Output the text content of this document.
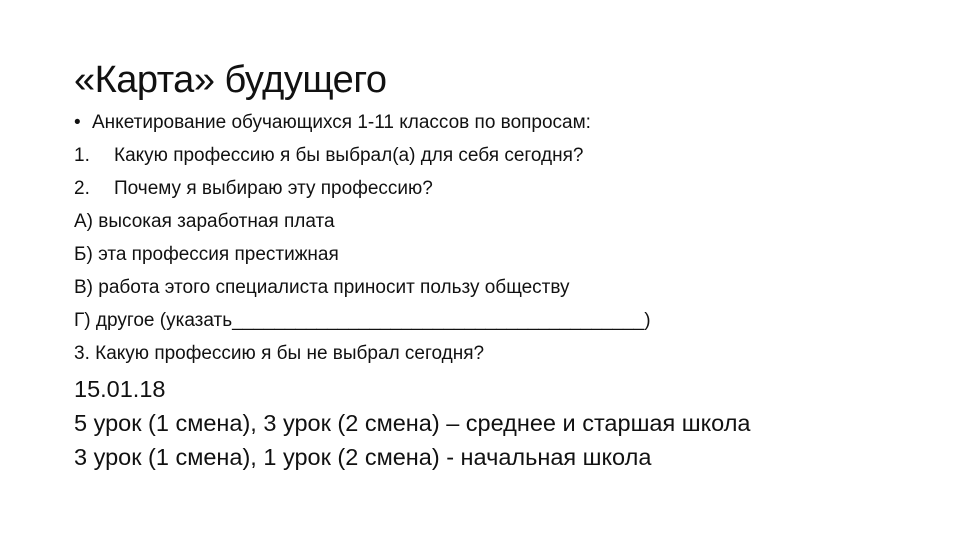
«Карта» будущего
• Анкетирование обучающихся 1-11 классов по вопросам:
1. Какую профессию я бы выбрал(а) для себя сегодня?
2. Почему я выбираю эту профессию?
А) высокая заработная плата
Б) эта профессия престижная
В) работа этого специалиста приносит пользу обществу
Г) другое (указать_______________________________________)
3. Какую профессию я бы не выбрал сегодня?
15.01.18
5 урок (1 смена), 3 урок (2 смена) – среднее и старшая школа
3 урок (1 смена), 1 урок (2 смена) - начальная школа
